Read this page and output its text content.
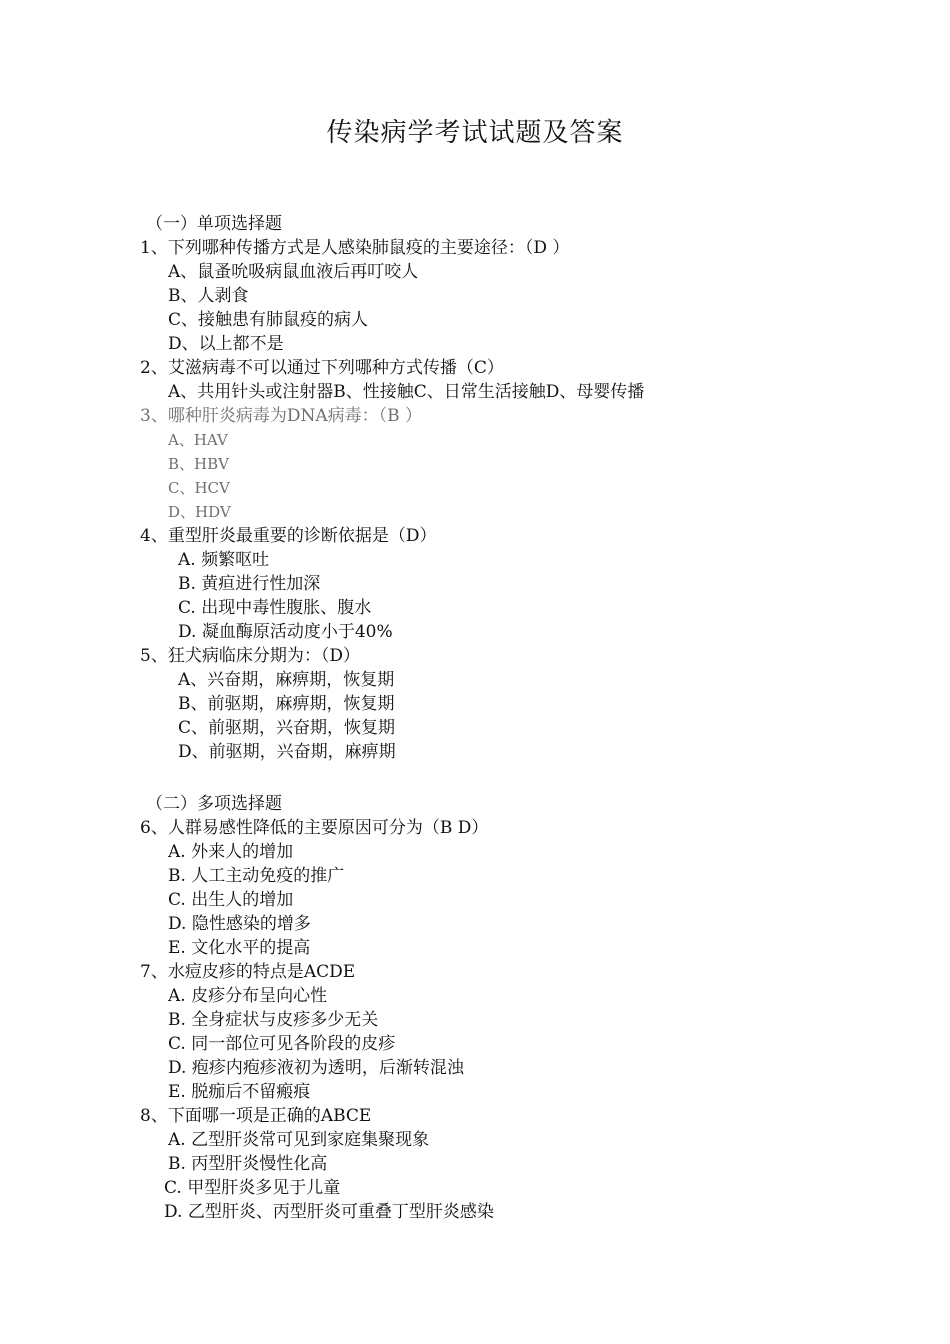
传染病学考试试题及答案
（一）单项选择题
1、下列哪种传播方式是人感染肺鼠疫的主要途径：（D ）
A、鼠蚤吮吸病鼠血液后再叮咬人
B、人剥食
C、接触患有肺鼠疫的病人
D、以上都不是
2、艾滋病毒不可以通过下列哪种方式传播（C）
A、共用针头或注射器B、性接触C、日常生活接触D、母婴传播
3、哪种肝炎病毒为DNA病毒：（B ）
A、HAV
B、HBV
C、HCV
D、HDV
4、重型肝炎最重要的诊断依据是（D）
A. 频繁呕吐
B. 黄疸进行性加深
C. 出现中毒性腹胀、腹水
D. 凝血酶原活动度小于40%
5、狂犬病临床分期为：（D）
A、兴奋期，麻痹期，恢复期
B、前驱期，麻痹期，恢复期
C、前驱期，兴奋期，恢复期
D、前驱期，兴奋期，麻痹期
（二）多项选择题
6、人群易感性降低的主要原因可分为（B D）
A. 外来人的增加
B. 人工主动免疫的推广
C. 出生人的增加
D. 隐性感染的增多
E. 文化水平的提高
7、水痘皮疹的特点是ACDE
A. 皮疹分布呈向心性
B. 全身症状与皮疹多少无关
C. 同一部位可见各阶段的皮疹
D. 疱疹内疱疹液初为透明，后渐转混浊
E. 脱痂后不留瘢痕
8、下面哪一项是正确的ABCE
A. 乙型肝炎常可见到家庭集聚现象
B. 丙型肝炎慢性化高
C. 甲型肝炎多见于儿童
D. 乙型肝炎、丙型肝炎可重叠丁型肝炎感染
